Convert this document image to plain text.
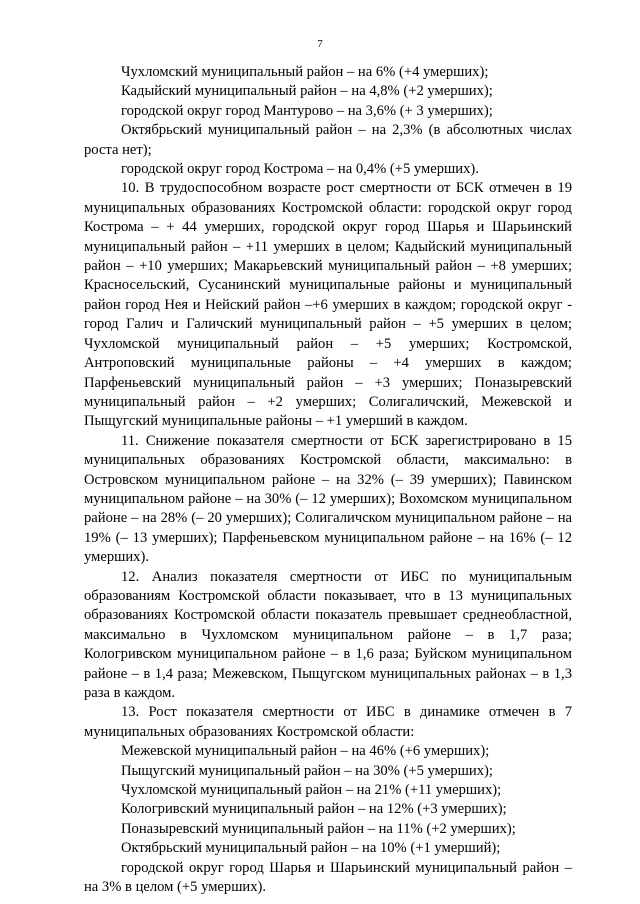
7

Чухломский муниципальный район – на 6% (+4 умерших);

Кадыйский муниципальный район – на 4,8% (+2 умерших);

городской округ город Мантурово – на 3,6% (+ 3 умерших);

Октябрьский муниципальный район – на 2,3% (в абсолютных числах роста нет);

городской округ город Кострома – на 0,4% (+5 умерших).

10. В трудоспособном возрасте рост смертности от БСК отмечен в 19 муниципальных образованиях Костромской области: городской округ город Кострома – + 44 умерших, городской округ город Шарья и Шарьинский муниципальный район – +11 умерших в целом; Кадыйский муниципальный район – +10 умерших; Макарьевский муниципальный район – +8 умерших; Красносельский, Сусанинский муниципальные районы и муниципальный район город Нея и Нейский район –+6 умерших в каждом; городской округ - город Галич и Галичский муниципальный район – +5 умерших в целом; Чухломской муниципальный район – +5 умерших; Костромской, Антроповский муниципальные районы – +4 умерших в каждом; Парфеньевский муниципальный район – +3 умерших; Поназыревский муниципальный район – +2 умерших; Солигаличский, Межевской и Пыщугский муниципальные районы – +1 умерший в каждом.

11. Снижение показателя смертности от БСК зарегистрировано в 15 муниципальных образованиях Костромской области, максимально: в Островском муниципальном районе – на 32% (– 39 умерших); Павинском муниципальном районе – на 30% (– 12 умерших); Вохомском муниципальном районе – на 28% (– 20 умерших); Солигаличском муниципальном районе – на 19% (– 13 умерших); Парфеньевском муниципальном районе – на 16% (– 12 умерших).

12. Анализ показателя смертности от ИБС по муниципальным образованиям Костромской области показывает, что в 13 муниципальных образованиях Костромской области показатель превышает среднеобластной, максимально в Чухломском муниципальном районе – в 1,7 раза; Кологривском муниципальном районе – в 1,6 раза; Буйском муниципальном районе – в 1,4 раза; Межевском, Пыщугском муниципальных районах – в 1,3 раза в каждом.

13. Рост показателя смертности от ИБС в динамике отмечен в 7 муниципальных образованиях Костромской области:

Межевской муниципальный район – на 46% (+6 умерших);

Пыщугский муниципальный район – на 30% (+5 умерших);

Чухломской муниципальный район – на 21% (+11 умерших);

Кологривский муниципальный район – на 12% (+3 умерших);

Поназыревский муниципальный район – на 11% (+2 умерших);

Октябрьский муниципальный район – на 10% (+1 умерший);

городской округ город Шарья и Шарьинский муниципальный район – на 3% в целом (+5 умерших).
